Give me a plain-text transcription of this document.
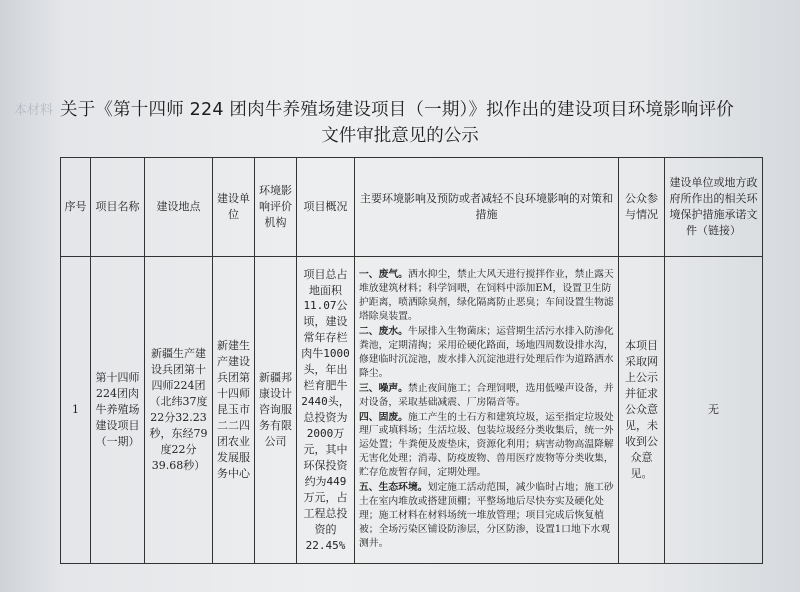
本材料 关于《第十四师 224 团肉牛养殖场建设项目（一期）》拟作出的建设项目环境影响评价
文件审批意见的公示
序号	项目名称	建设地点	建设单位	环境影响评价机构	项目概况	主要环境影响及预防或者减轻不良环境影响的对策和措施	公众参与情况	建设单位或地方政府所作出的相关环境保护措施承诺文件（链接）
1	第十四师224团肉牛养殖场建设项目（一期）	新疆生产建设兵团第十四师224团（北纬37度22分32.23秒，东经79度22分39.68秒）	新建生产建设兵团第十四师昆玉市二二四团农业发展服务中心	新疆邦康设计咨询服务有限公司	项目总占地面积11.07公顷，建设常年存栏肉牛1000头，年出栏育肥牛2440头，总投资为2000万元，其中环保投资约为449万元，占工程总投资的22.45%	一、废气。洒水抑尘，禁止大风天进行搅拌作业，禁止露天堆放建筑材料；科学饲喂，在饲料中添加EM，设置卫生防护距离，喷洒除臭剂，绿化隔离防止恶臭；车间设置生物滤塔除臭装置。

二、废水。牛尿排入生物菌床；运营期生活污水排入防渗化粪池，定期清掏；采用砼硬化路面，场地四周数设排水沟，修建临时沉淀池，废水排入沉淀池进行处理后作为道路洒水降尘。

三、噪声。禁止夜间施工；合理饲喂，选用低噪声设备，并对设备，采取基础减震、厂房隔音等。

四、固废。施工产生的土石方和建筑垃圾，运至指定垃圾处理厂或填料场；生活垃圾、包装垃圾经分类收集后，统一外运处置；牛粪便及废垫床，资源化利用；病害动物高温降解无害化处理；消毒、防疫废物、兽用医疗废物等分类收集，贮存危废暂存间，定期处理。

五、生态环境。划定施工活动范围，减少临时占地；施工砂土在室内堆放或搭建顶棚；平整场地后尽快夯实及硬化处理；施工材料在材料场统一堆放管理；项目完成后恢复植被；全场污染区铺设防渗层，分区防渗，设置1口地下水观测井。	本项目采取网上公示并征求公众意见，未收到公众意见。	无
